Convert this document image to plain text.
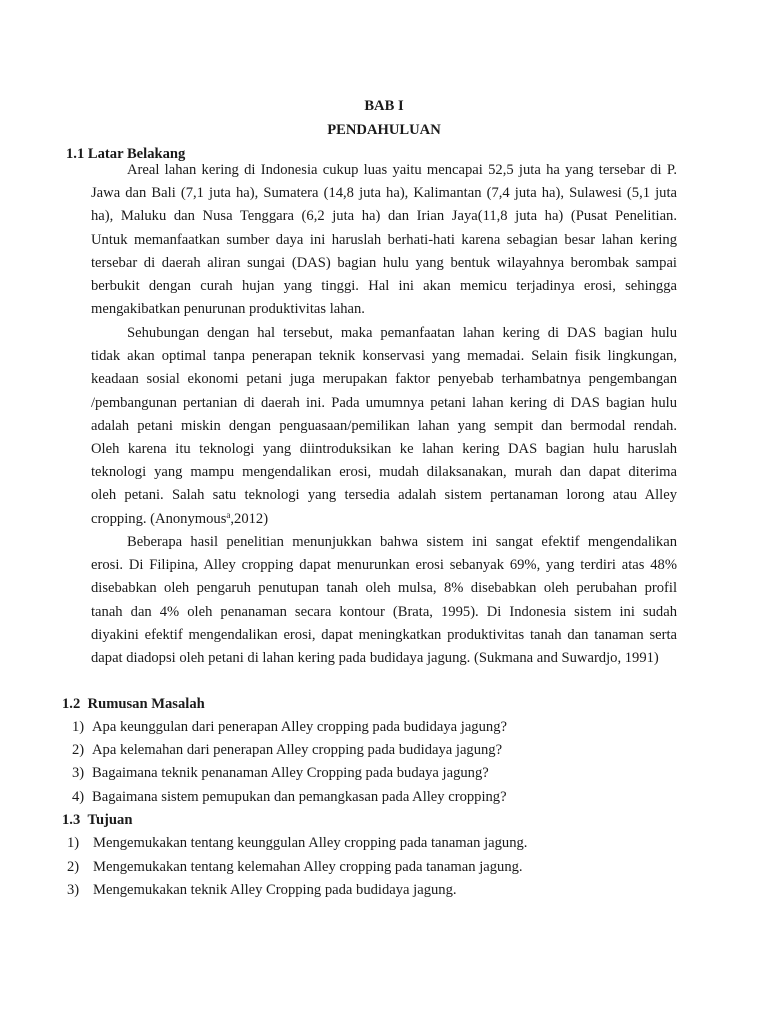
BAB I
PENDAHULUAN
1.1 Latar Belakang
Areal lahan kering di Indonesia cukup luas yaitu mencapai 52,5 juta ha yang tersebar di P.
Jawa dan Bali (7,1 juta ha), Sumatera (14,8 juta ha), Kalimantan (7,4 juta ha), Sulawesi (5,1 juta
ha), Maluku dan Nusa Tenggara (6,2 juta ha) dan Irian Jaya(11,8 juta ha) (Pusat Penelitian.
Untuk memanfaatkan sumber daya ini haruslah berhati-hati karena sebagian besar lahan kering
tersebar di daerah aliran sungai (DAS) bagian hulu yang bentuk wilayahnya berombak sampai
berbukit dengan curah hujan yang tinggi. Hal ini akan memicu terjadinya erosi, sehingga
mengakibatkan penurunan produktivitas lahan.
Sehubungan dengan hal tersebut, maka pemanfaatan lahan kering di DAS bagian hulu
tidak akan optimal tanpa penerapan teknik konservasi yang memadai. Selain fisik lingkungan,
keadaan sosial ekonomi petani juga merupakan faktor penyebab terhambatnya pengembangan
/pembangunan pertanian di daerah ini. Pada umumnya petani lahan kering di DAS bagian hulu
adalah petani miskin dengan penguasaan/pemilikan lahan yang sempit dan bermodal rendah.
Oleh karena itu teknologi yang diintroduksikan ke lahan kering DAS bagian hulu haruslah
teknologi yang mampu mengendalikan erosi, mudah dilaksanakan, murah dan dapat diterima
oleh petani. Salah satu teknologi yang tersedia adalah sistem pertanaman lorong atau Alley
cropping. (Anonymous$^a$,2012)
Beberapa hasil penelitian menunjukkan bahwa sistem ini sangat efektif mengendalikan
erosi. Di Filipina, Alley cropping dapat menurunkan erosi sebanyak 69%, yang terdiri atas 48%
disebabkan oleh pengaruh penutupan tanah oleh mulsa, 8% disebabkan oleh perubahan profil
tanah dan 4% oleh penanaman secara kontour (Brata, 1995). Di Indonesia sistem ini sudah
diyakini efektif mengendalikan erosi, dapat meningkatkan produktivitas tanah dan tanaman serta
dapat diadopsi oleh petani di lahan kering pada budidaya jagung. (Sukmana and Suwardjo, 1991)
1.2 Rumusan Masalah
1) Apa keunggulan dari penerapan Alley cropping pada budidaya jagung?
2) Apa kelemahan dari penerapan Alley cropping pada budidaya jagung?
3) Bagaimana teknik penanaman Alley Cropping pada budaya jagung?
4) Bagaimana sistem pemupukan dan pemangkasan pada Alley cropping?
1.3 Tujuan
1) Mengemukakan tentang keunggulan Alley cropping pada tanaman jagung.
2) Mengemukakan tentang kelemahan Alley cropping pada tanaman jagung.
3) Mengemukakan teknik Alley Cropping pada budidaya jagung.
